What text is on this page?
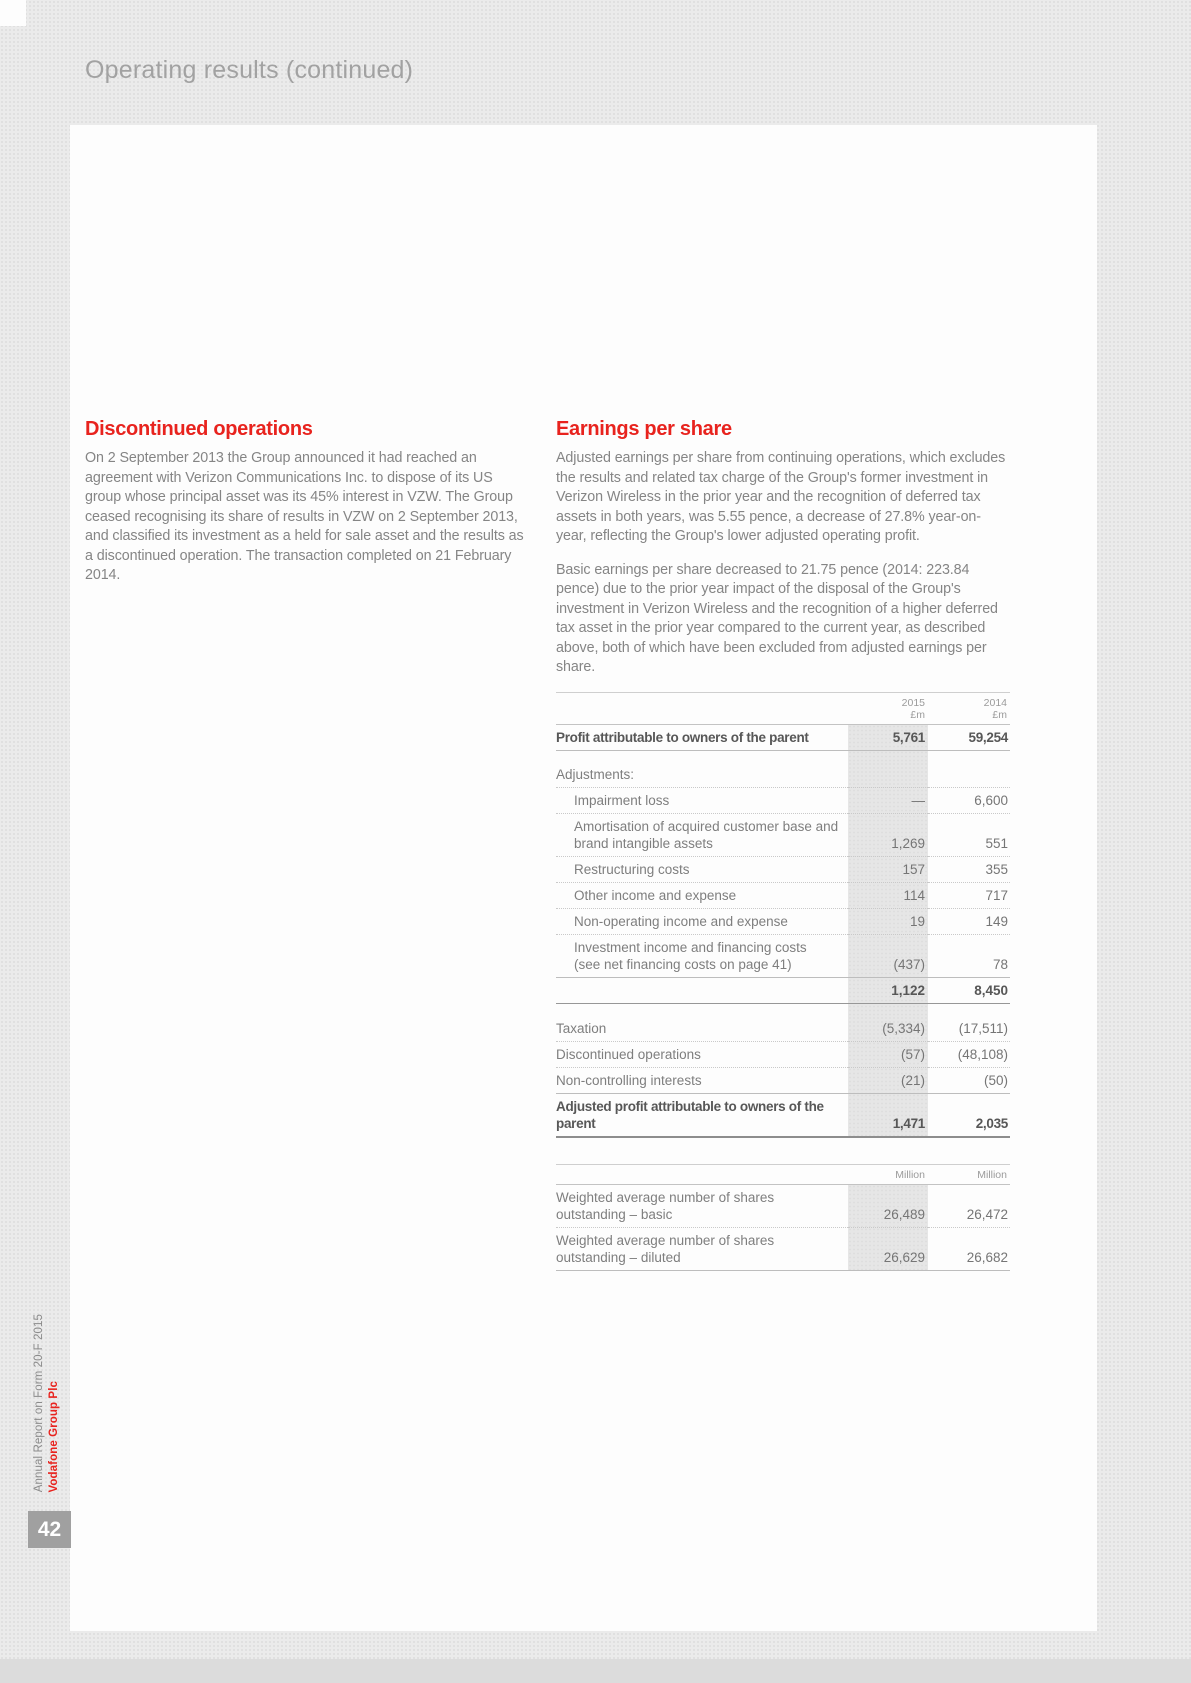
Operating results (continued)
Discontinued operations

On 2 September 2013 the Group announced it had reached an agreement with Verizon Communications Inc. to dispose of its US group whose principal asset was its 45% interest in VZW. The Group ceased recognising its share of results in VZW on 2 September 2013, and classified its investment as a held for sale asset and the results as a discontinued operation. The transaction completed on 21 February 2014.

Earnings per share

Adjusted earnings per share from continuing operations, which excludes the results and related tax charge of the Group's former investment in Verizon Wireless in the prior year and the recognition of deferred tax assets in both years, was 5.55 pence, a decrease of 27.8% year-on-year, reflecting the Group's lower adjusted operating profit.

Basic earnings per share decreased to 21.75 pence (2014: 223.84 pence) due to the prior year impact of the disposal of the Group's investment in Verizon Wireless and the recognition of a higher deferred tax asset in the prior year compared to the current year, as described above, both of which have been excluded from adjusted earnings per share.

	2015
£m	2014
£m

Profit attributable to owners of the parent	5,761	59,254

Adjustments:		
Impairment loss	—	6,600
Amortisation of acquired customer base and brand intangible assets	1,269	551
Restructuring costs	157	355
Other income and expense	114	717
Non-operating income and expense	19	149
Investment income and financing costs (see net financing costs on page 41)	(437)	78
	1,122	8,450

Taxation	(5,334)	(17,511)
Discontinued operations	(57)	(48,108)
Non-controlling interests	(21)	(50)
Adjusted profit attributable to owners of the parent	1,471	2,035

	Million	Million

Weighted average number of shares outstanding – basic	26,489	26,472
Weighted average number of shares outstanding – diluted	26,629	26,682
Annual Report on Form 20-F 2015 Vodafone Group Plc
42
